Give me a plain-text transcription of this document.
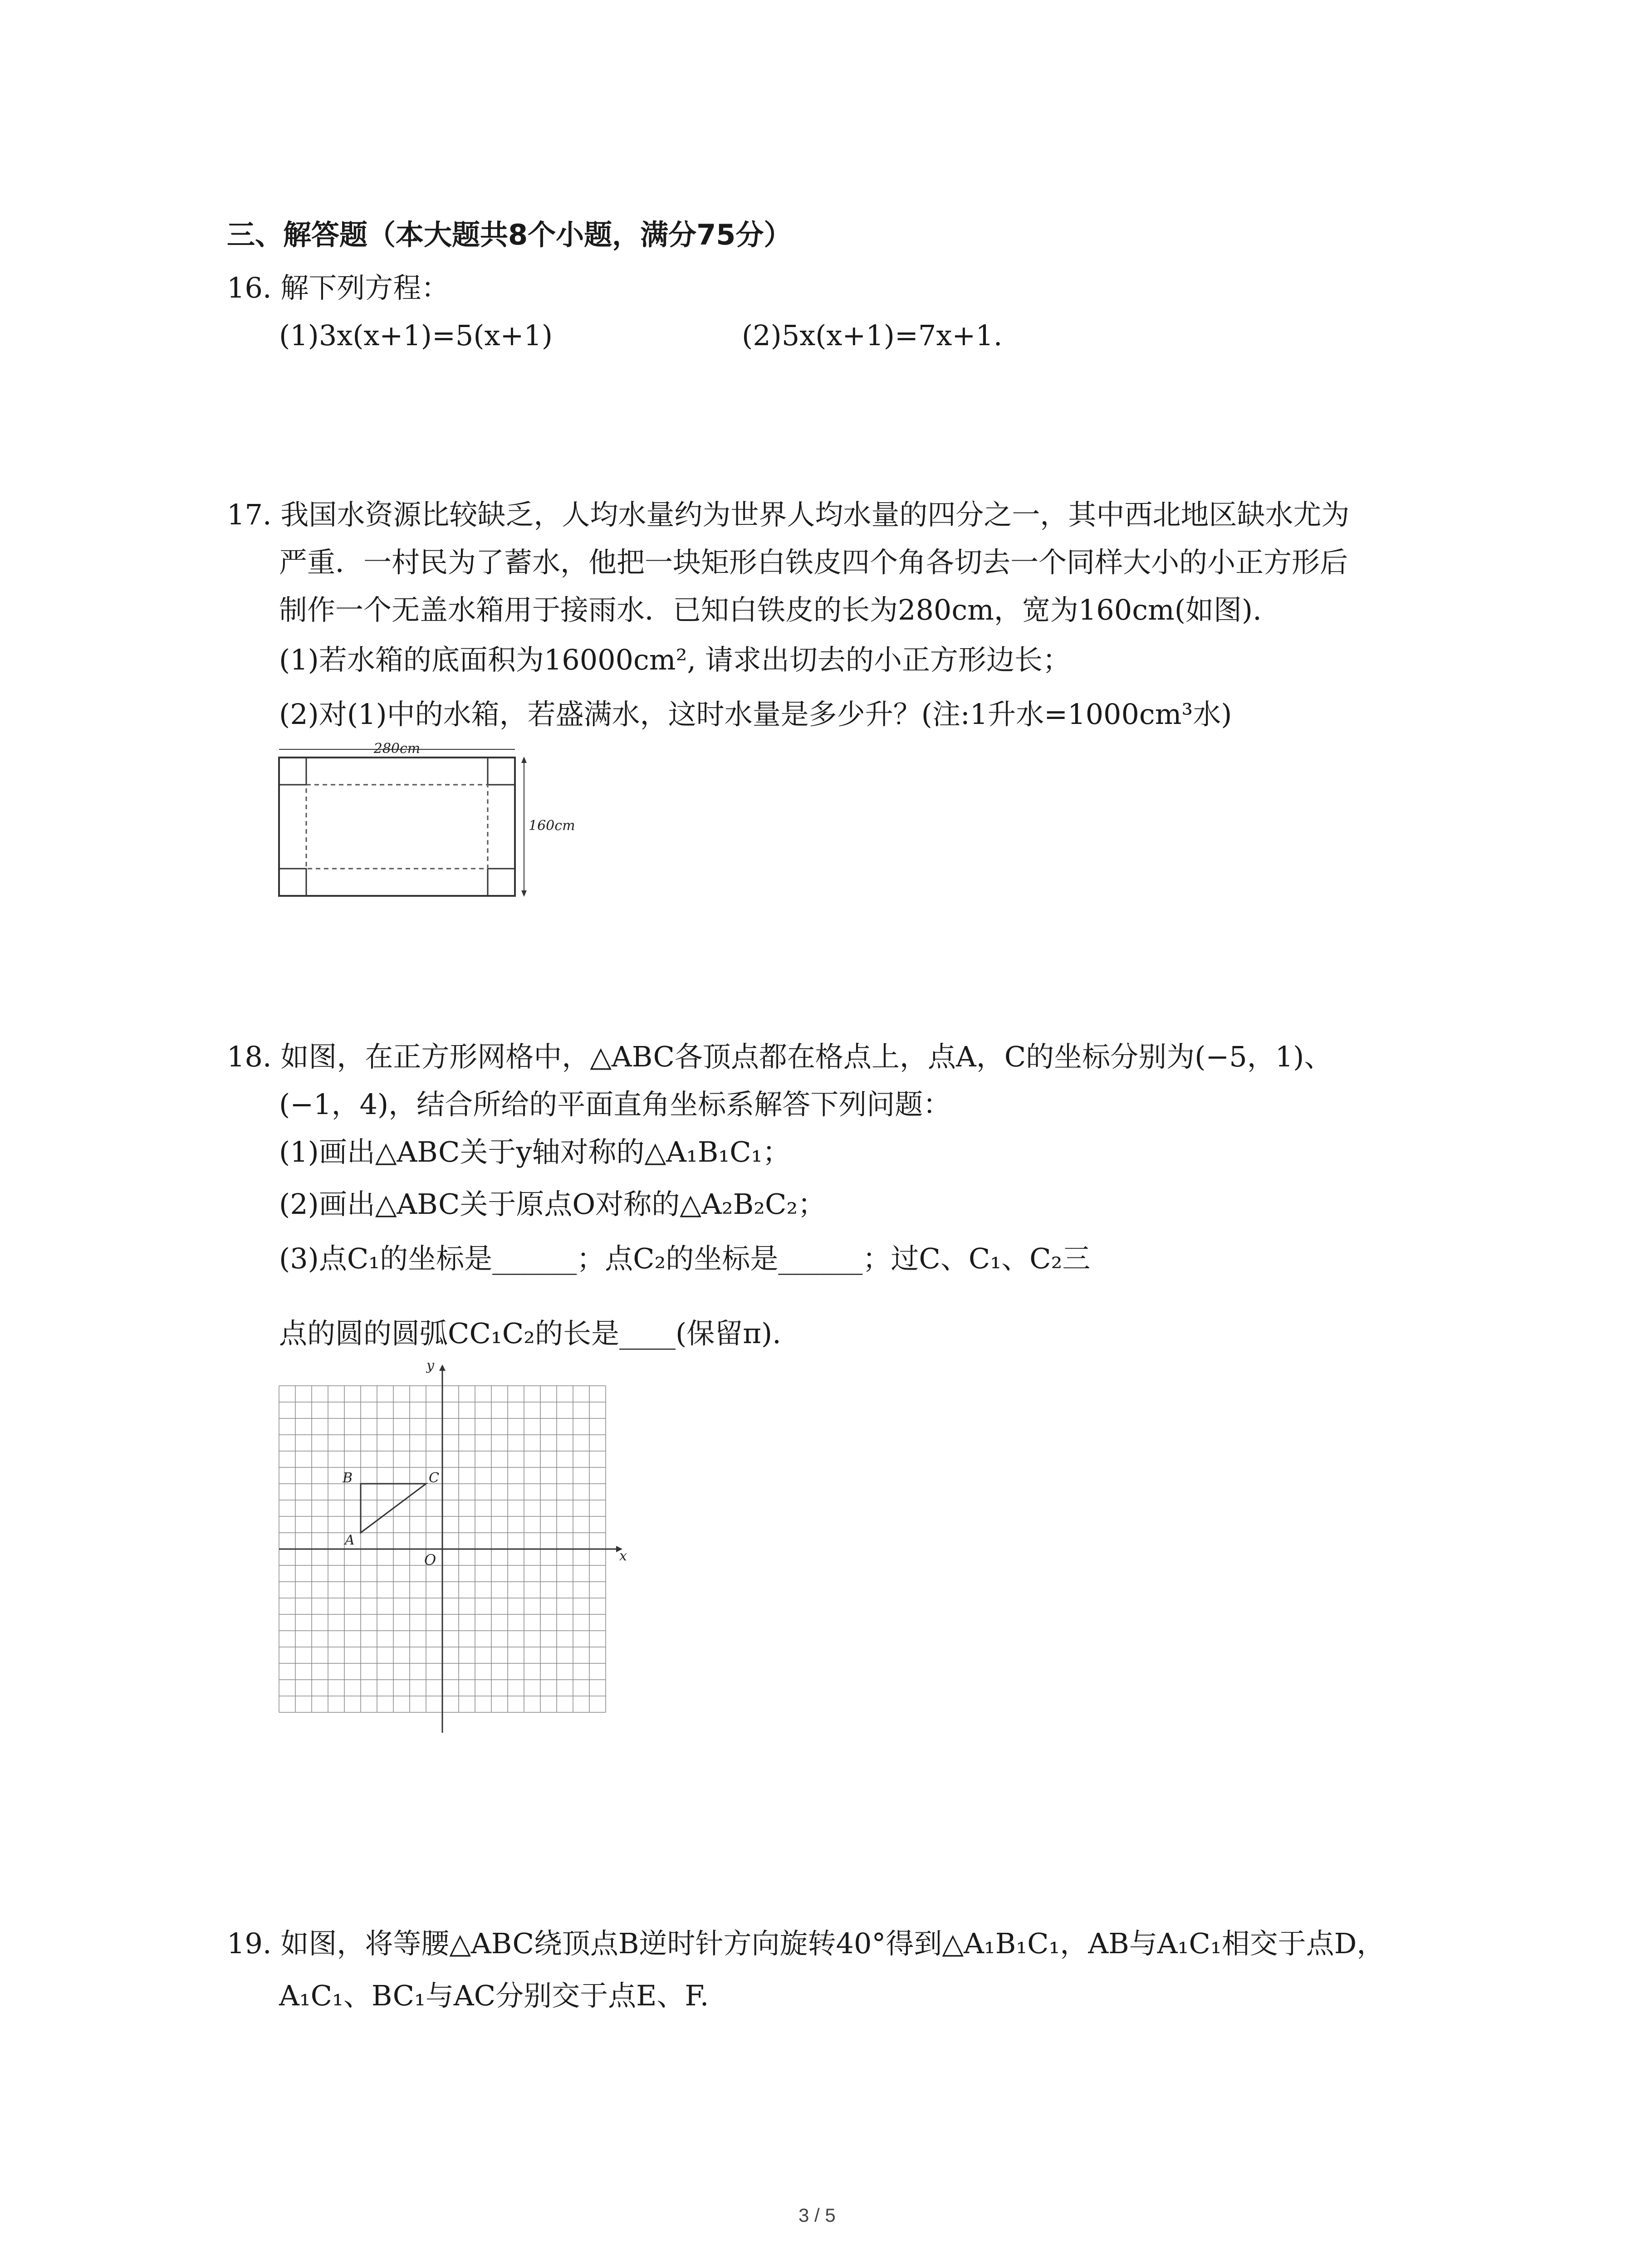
三、解答题（本大题共8个小题，满分75分）
16. 解下列方程：
(1)3x(x+1)=5(x+1)	(2)5x(x+1)=7x+1.
17. 我国水资源比较缺乏，人均水量约为世界人均水量的四分之一，其中西北地区缺水尤为
严重．一村民为了蓄水，他把一块矩形白铁皮四个角各切去一个同样大小的小正方形后
制作一个无盖水箱用于接雨水．已知白铁皮的长为280cm，宽为160cm(如图).
(1)若水箱的底面积为16000cm², 请求出切去的小正方形边长；
(2)对(1)中的水箱，若盛满水，这时水量是多少升？(注:1升水=1000cm³水)
280cm
160cm
18. 如图，在正方形网格中，△ABC各顶点都在格点上，点A，C的坐标分别为(−5，1)、
(−1，4)，结合所给的平面直角坐标系解答下列问题：
(1)画出△ABC关于y轴对称的△A₁B₁C₁；
(2)画出△ABC关于原点O对称的△A₂B₂C₂；
(3)点C₁的坐标是______；点C₂的坐标是______；过C、C₁、C₂三
点的圆的圆弧CC₁C₂的长是____(保留π).
x
y
O
A
B	C
19. 如图，将等腰△ABC绕顶点B逆时针方向旋转40°得到△A₁B₁C₁，AB与A₁C₁相交于点D，
A₁C₁、BC₁与AC分别交于点E、F.
3 / 5
